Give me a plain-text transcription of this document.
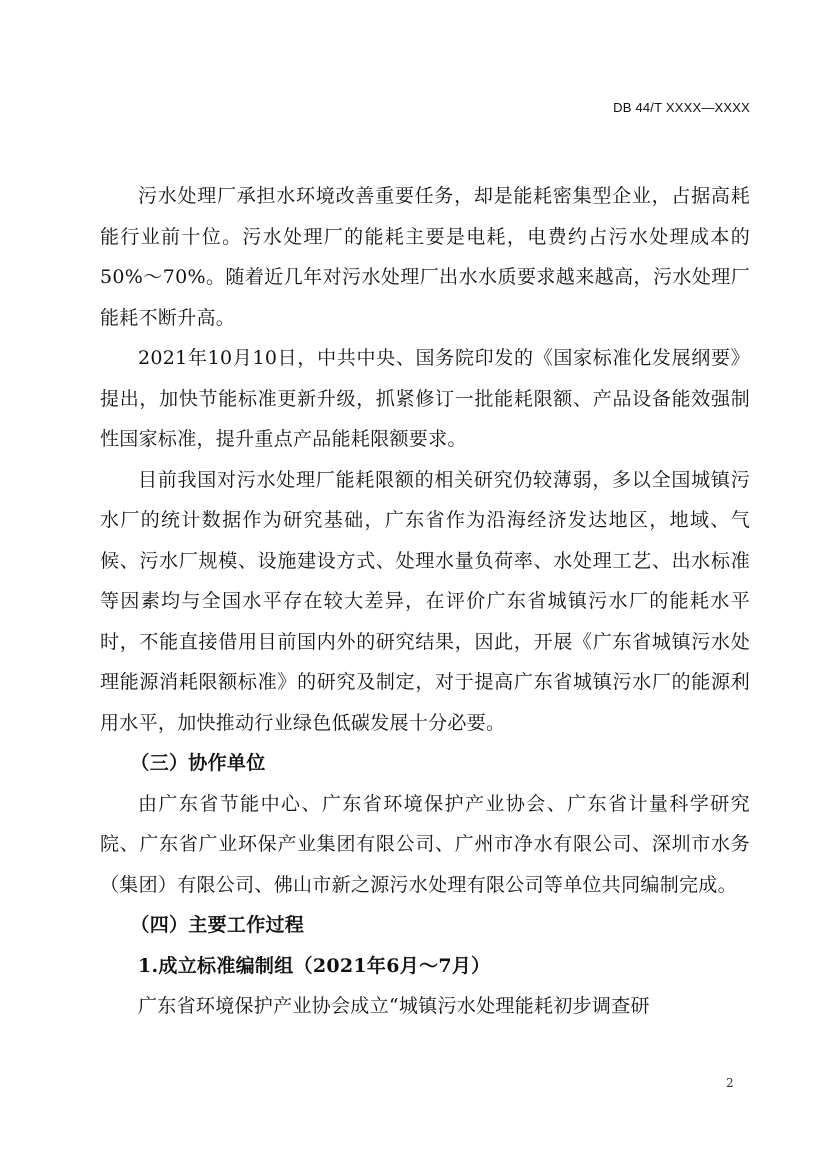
DB 44/T XXXX—XXXX

污水处理厂承担水环境改善重要任务，却是能耗密集型企业，占据高耗能行业前十位。污水处理厂的能耗主要是电耗，电费约占污水处理成本的50%～70%。随着近几年对污水处理厂出水水质要求越来越高，污水处理厂能耗不断升高。

2021年10月10日，中共中央、国务院印发的《国家标准化发展纲要》提出，加快节能标准更新升级，抓紧修订一批能耗限额、产品设备能效强制性国家标准，提升重点产品能耗限额要求。

目前我国对污水处理厂能耗限额的相关研究仍较薄弱，多以全国城镇污水厂的统计数据作为研究基础，广东省作为沿海经济发达地区，地域、气候、污水厂规模、设施建设方式、处理水量负荷率、水处理工艺、出水标准等因素均与全国水平存在较大差异，在评价广东省城镇污水厂的能耗水平时，不能直接借用目前国内外的研究结果，因此，开展《广东省城镇污水处理能源消耗限额标准》的研究及制定，对于提高广东省城镇污水厂的能源利用水平，加快推动行业绿色低碳发展十分必要。

（三）协作单位

由广东省节能中心、广东省环境保护产业协会、广东省计量科学研究院、广东省广业环保产业集团有限公司、广州市净水有限公司、深圳市水务（集团）有限公司、佛山市新之源污水处理有限公司等单位共同编制完成。

（四）主要工作过程

1.成立标准编制组（2021年6月～7月）

广东省环境保护产业协会成立“城镇污水处理能耗初步调查研

2
